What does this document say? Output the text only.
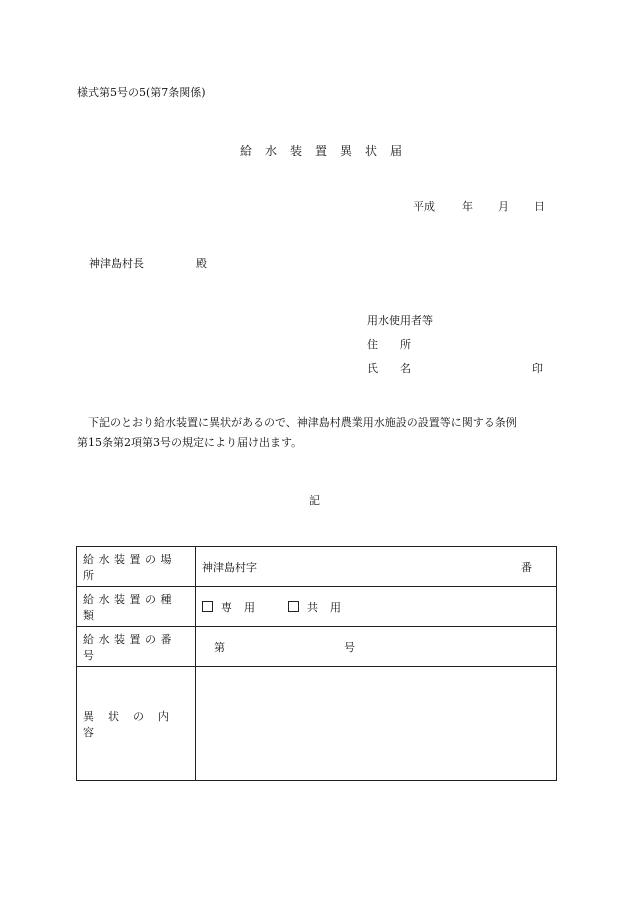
様式第5号の5(第7条関係)
給水装置異状届
平成 年 月 日
神津島村長	殿
用水使用者等
住所
氏名	印

下記のとおり給水装置に異状があるので、神津島村農業用水施設の設置等に関する条例

第15条第2項第3号の規定により届け出ます。

記
給水装置の場所	神津島村字 番

給水装置の種類	専用 共用
給水装置の番号	第 号

異状の内容	
